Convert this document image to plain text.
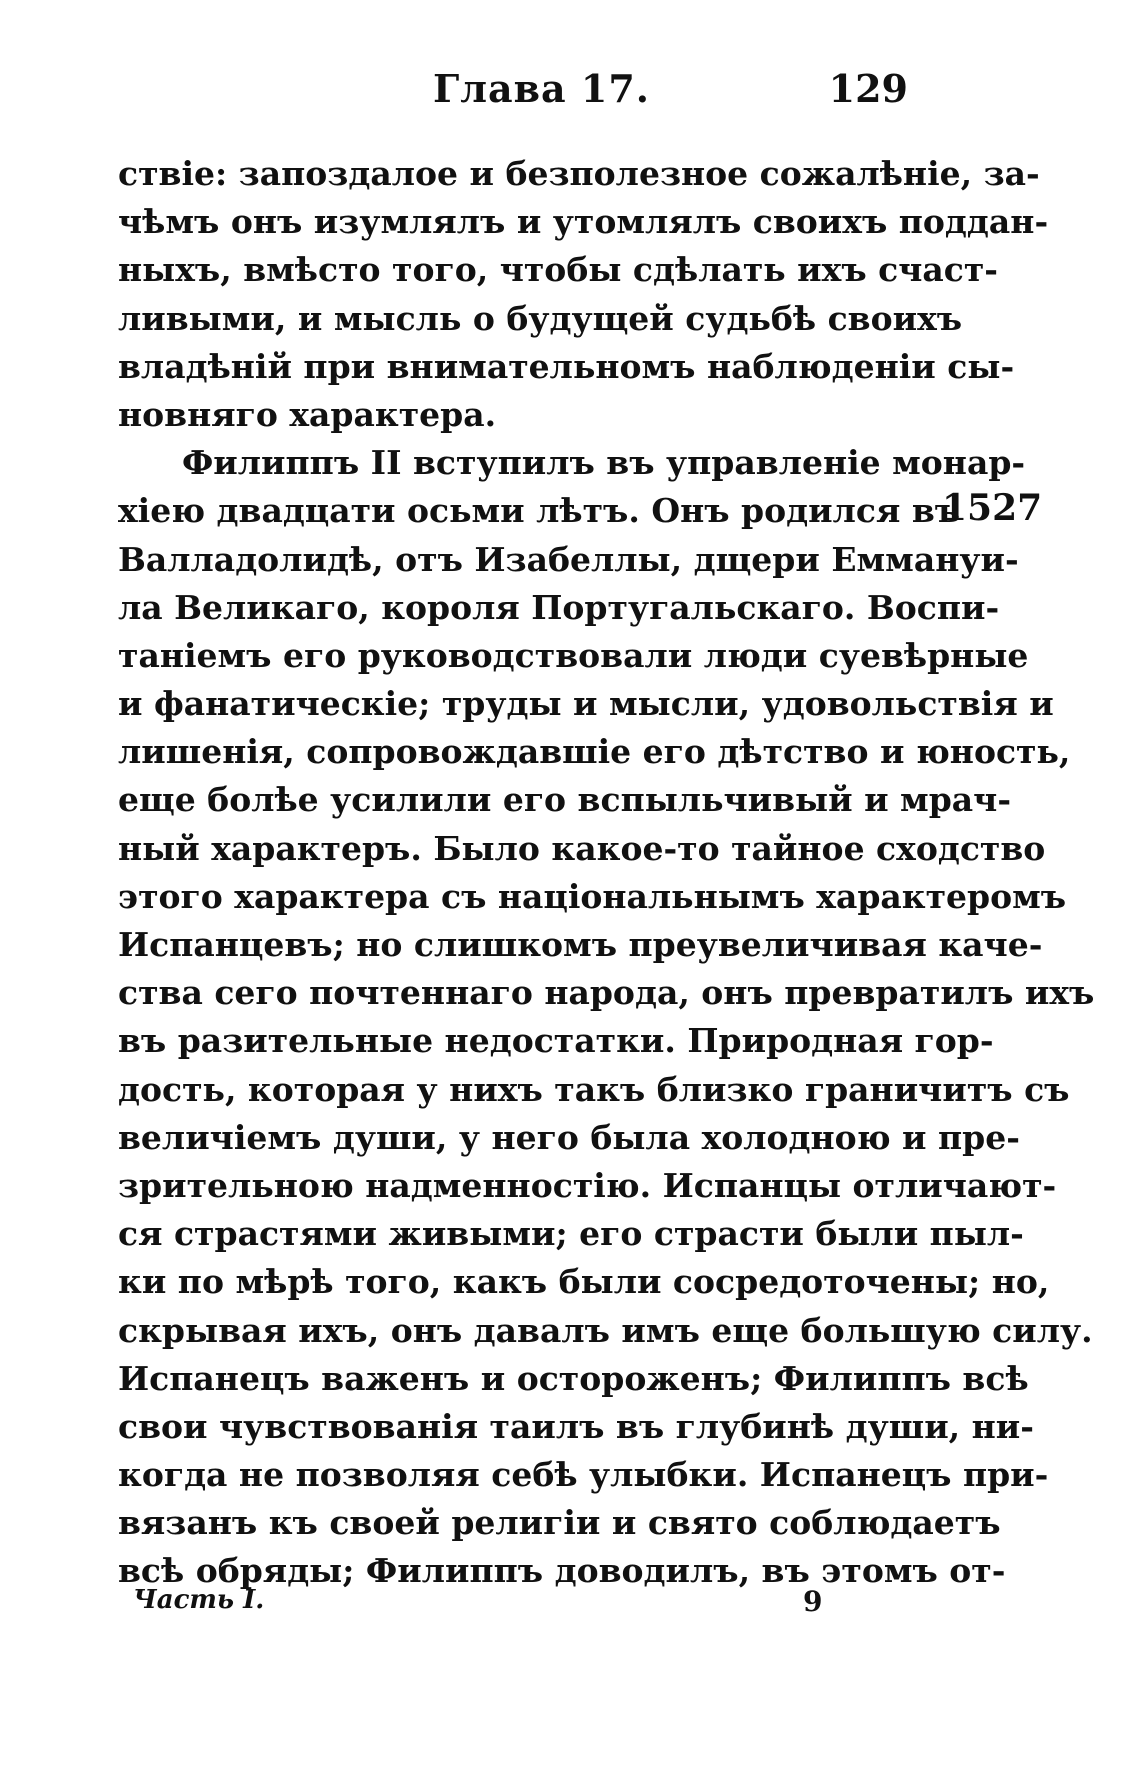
Глава 17.	129
ствіе: запоздалое и безполезное сожалѣніе, за-
чѣмъ онъ изумлялъ и утомлялъ своихъ поддан-
ныхъ, вмѣсто того, чтобы сдѣлать ихъ счаст-
ливыми, и мысль о будущей судьбѣ своихъ
владѣній при внимательномъ наблюденіи сы-
новняго характера.
Филиппъ II вступилъ въ управленіе монар-
хіею двадцати осьми лѣтъ. Онъ родился въ
Валладолидѣ, отъ Изабеллы, дщери Еммануи-
ла Великаго, короля Португальскаго. Воспи-
таніемъ его руководствовали люди суевѣрные
и фанатическіе; труды и мысли, удовольствія и
лишенія, сопровождавшіе его дѣтство и юность,
еще болѣе усилили его вспыльчивый и мрач-
ный характеръ. Было какое-то тайное сходство
этого характера съ національнымъ характеромъ
Испанцевъ; но слишкомъ преувеличивая каче-
ства сего почтеннаго народа, онъ превратилъ ихъ
въ разительные недостатки. Природная гор-
дость, которая у нихъ такъ близко граничитъ съ
величіемъ души, у него была холодною и пре-
зрительною надменностію. Испанцы отличают-
ся страстями живыми; его страсти были пыл-
ки по мѣрѣ того, какъ были сосредоточены; но,
скрывая ихъ, онъ давалъ имъ еще большую силу.
Испанецъ важенъ и остороженъ; Филиппъ всѣ
свои чувствованія таилъ въ глубинѣ души, ни-
когда не позволяя себѣ улыбки. Испанецъ при-
вязанъ къ своей религіи и свято соблюдаетъ
всѣ обряды; Филиппъ доводилъ, въ этомъ от-
1527
Часть I.	9
